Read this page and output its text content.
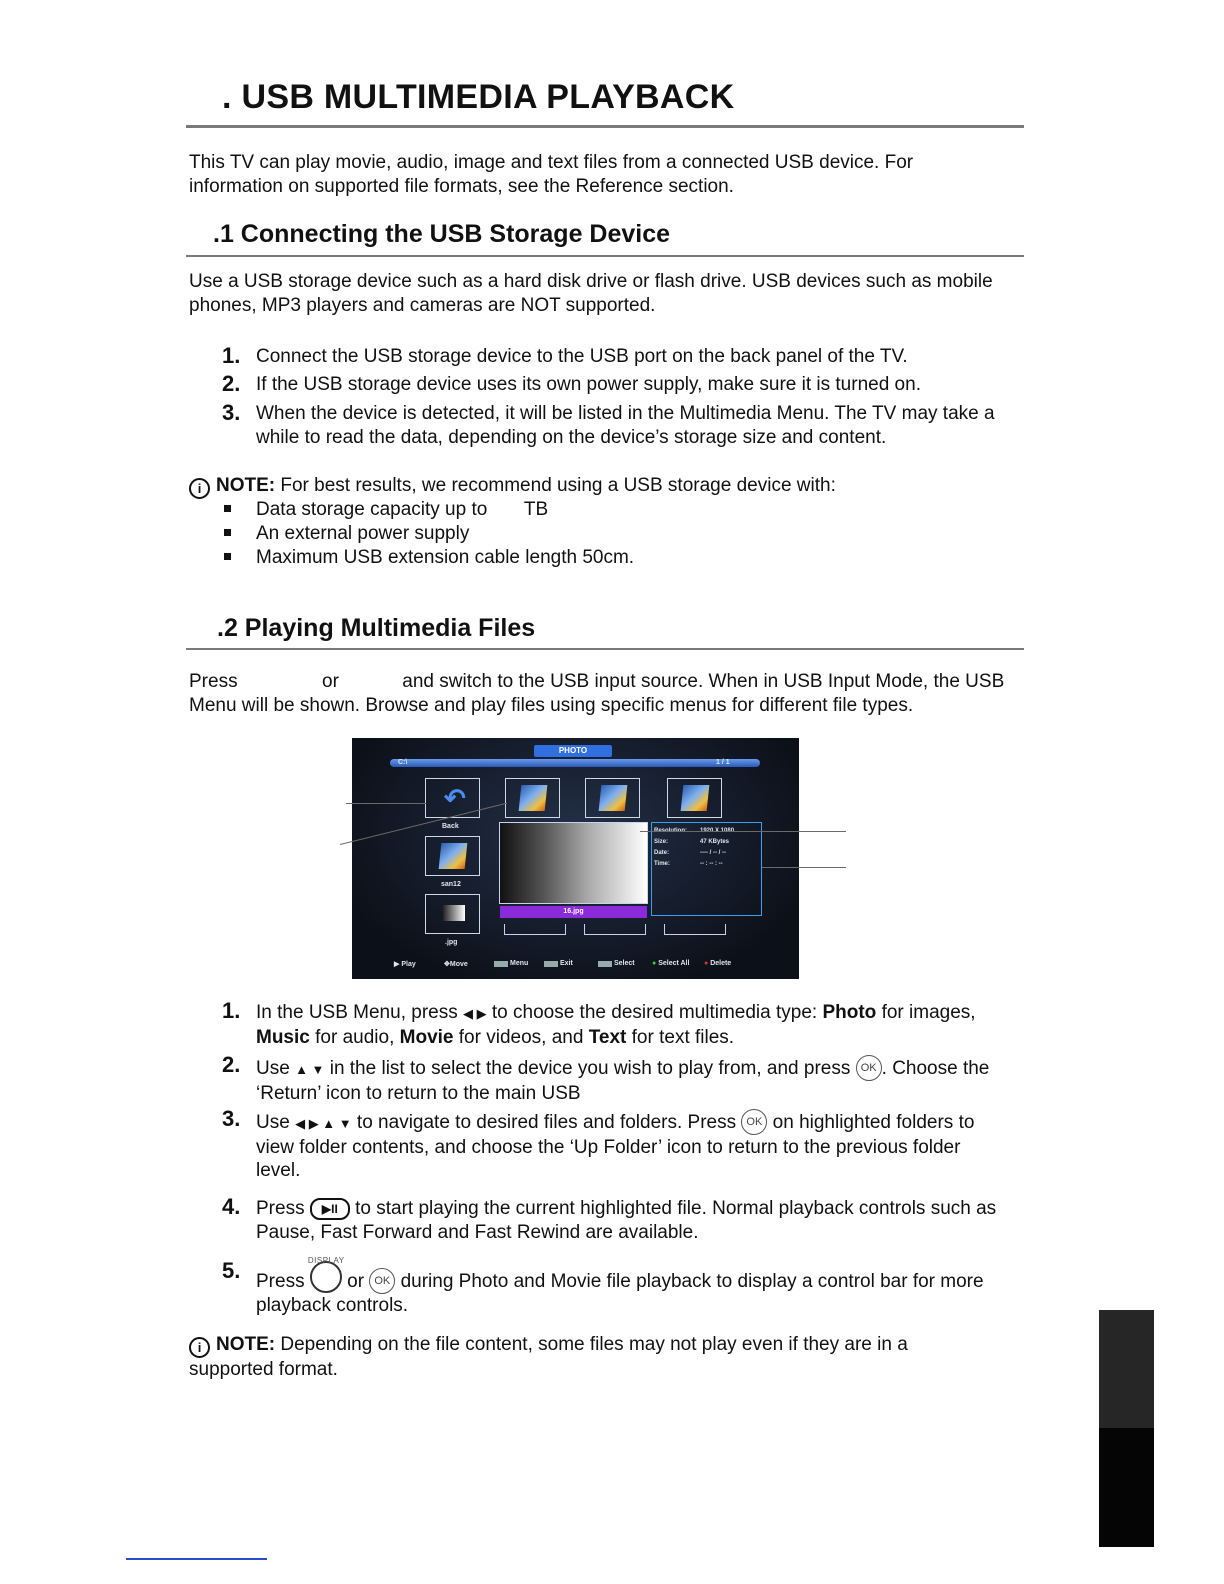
. USB MULTIMEDIA PLAYBACK
This TV can play movie, audio, image and text files from a connected USB device. For information on supported file formats, see the Reference section.
.1 Connecting the USB Storage Device
Use a USB storage device such as a hard disk drive or flash drive. USB devices such as mobile phones, MP3 players and cameras are NOT supported.
1. Connect the USB storage device to the USB port on the back panel of the TV.
2. If the USB storage device uses its own power supply, make sure it is turned on.
3. When the device is detected, it will be listed in the Multimedia Menu. The TV may take a while to read the data, depending on the device’s storage size and content.
i NOTE: For best results, we recommend using a USB storage device with:
Data storage capacity up to       TB
An external power supply
Maximum USB extension cable length 50cm.
.2 Playing Multimedia Files
Press                or            and switch to the USB input source. When in USB Input Mode, the USB Menu will be shown. Browse and play files using specific menus for different file types.
PHOTO
C:\	1 / 1
↶
Back
san12
.jpg
16.jpg
Size:	47 KBytes
Date:	---- / -- / --
Time:	-- : -- : --
▶ Play	✥Move	Menu	Exit	Select ● Select All ● Delete
1. In the USB Menu, press ◀ ▶ to choose the desired multimedia type: Photo for images, Music for audio, Movie for videos, and Text for text files.
2. Use ▲ ▼ in the list to select the device you wish to play from, and press OK . Choose the ‘Return’ icon to return to the main USB
3. Use ◀ ▶ ▲ ▼ to navigate to desired files and folders. Press OK on highlighted folders to view folder contents, and choose the ‘Up Folder’ icon to return to the previous folder level.
4. Press ▶II to start playing the current highlighted file. Normal playback controls such as Pause, Fast Forward and Fast Rewind are available.
5. Press
DISPLAY
or OK during Photo and Movie file playback to display a control bar for more playback controls.
i NOTE: Depending on the file content, some files may not play even if they are in a supported format.
